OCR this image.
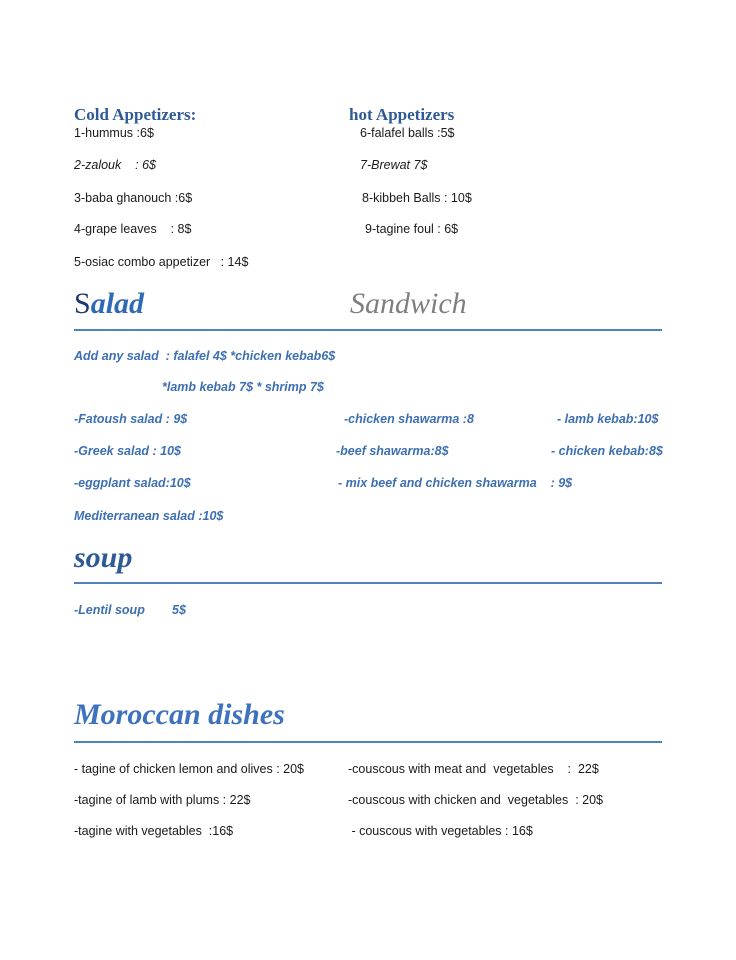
Cold Appetizers:
1-hummus :6$
2-zalouk    : 6$
3-baba ghanouch :6$
4-grape leaves    : 8$
5-osiac combo appetizer   : 14$
hot Appetizers
6-falafel balls :5$
7-Brewat 7$
8-kibbeh Balls : 10$
9-tagine foul : 6$
Salad	Sandwich
Add any salad  : falafel 4$ *chicken kebab6$
*lamb kebab 7$ * shrimp 7$
-Fatoush salad : 9$
-Greek salad : 10$
-eggplant salad:10$
Mediterranean salad :10$
-chicken shawarma :8
-beef shawarma:8$
- mix beef and chicken shawarma    : 9$
- lamb kebab:10$
- chicken kebab:8$
soup
-Lentil soup 5$
Moroccan dishes
- tagine of chicken lemon and olives : 20$
-tagine of lamb with plums : 22$
-tagine with vegetables  :16$
-couscous with meat and  vegetables    :  22$
-couscous with chicken and  vegetables  : 20$
- couscous with vegetables : 16$
